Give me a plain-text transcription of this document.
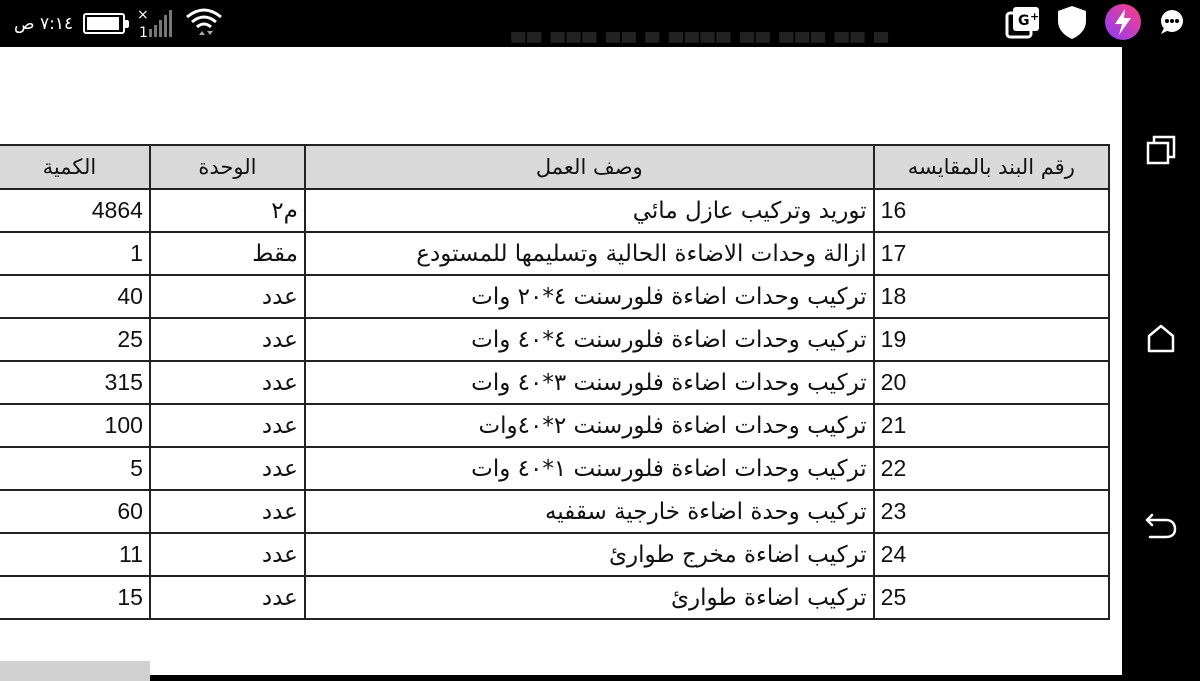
٧:١٤ ص	×
1
G +
▀ ▀▀ ▀▀▀ ▀▀ ▀▀▀▀ ▀ ▀▀ ▀▀▀ ▀▀
رقم البند بالمقايسه	وصف العمل	الوحدة	الكمية
16	توريد وتركيب عازل مائي	م٢	4864
17	ازالة وحدات الاضاءة الحالية وتسليمها للمستودع	مقط	1
18	تركيب وحدات اضاءة فلورسنت ٤*٢٠ وات	عدد	40
19	تركيب وحدات اضاءة فلورسنت ٤*٤٠ وات	عدد	25
20	تركيب وحدات اضاءة فلورسنت ٣*٤٠ وات	عدد	315
21	تركيب وحدات اضاءة فلورسنت ٢*٤٠وات	عدد	100
22	تركيب وحدات اضاءة فلورسنت ١*٤٠ وات	عدد	5
23	تركيب وحدة اضاءة خارجية سقفيه	عدد	60
24	تركيب اضاءة مخرج طوارئ	عدد	11
25	تركيب اضاءة طوارئ	عدد	15
